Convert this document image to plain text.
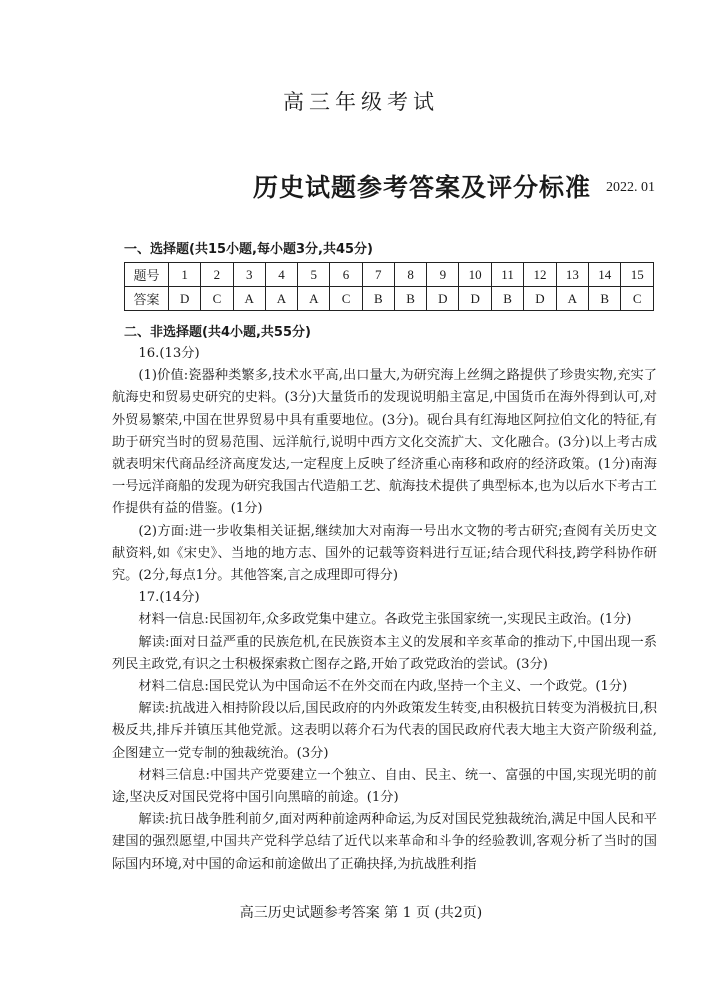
高三年级考试
历史试题参考答案及评分标准 2022. 01
一、选择题(共15小题,每小题3分,共45分)
题号	1	2	3	4	5	6	7	8	9	10	11	12	13	14	15
答案	D	C	A	A	A	C	B	B	D	D	B	D	A	B	C
二、非选择题(共4小题,共55分)

16.(13分)

(1)价值:瓷器种类繁多,技术水平高,出口量大,为研究海上丝绸之路提供了珍贵实物,充实了航海史和贸易史研究的史料。(3分)大量货币的发现说明船主富足,中国货币在海外得到认可,对外贸易繁荣,中国在世界贸易中具有重要地位。(3分)。砚台具有红海地区阿拉伯文化的特征,有助于研究当时的贸易范围、远洋航行,说明中西方文化交流扩大、文化融合。(3分)以上考古成就表明宋代商品经济高度发达,一定程度上反映了经济重心南移和政府的经济政策。(1分)南海一号远洋商船的发现为研究我国古代造船工艺、航海技术提供了典型标本,也为以后水下考古工作提供有益的借鉴。(1分)

(2)方面:进一步收集相关证据,继续加大对南海一号出水文物的考古研究;查阅有关历史文献资料,如《宋史》、当地的地方志、国外的记载等资料进行互证;结合现代科技,跨学科协作研究。(2分,每点1分。其他答案,言之成理即可得分)

17.(14分)

材料一信息:民国初年,众多政党集中建立。各政党主张国家统一,实现民主政治。(1分)

解读:面对日益严重的民族危机,在民族资本主义的发展和辛亥革命的推动下,中国出现一系列民主政党,有识之士积极探索救亡图存之路,开始了政党政治的尝试。(3分)

材料二信息:国民党认为中国命运不在外交而在内政,坚持一个主义、一个政党。(1分)

解读:抗战进入相持阶段以后,国民政府的内外政策发生转变,由积极抗日转变为消极抗日,积极反共,排斥并镇压其他党派。这表明以蒋介石为代表的国民政府代表大地主大资产阶级利益,企图建立一党专制的独裁统治。(3分)

材料三信息:中国共产党要建立一个独立、自由、民主、统一、富强的中国,实现光明的前途,坚决反对国民党将中国引向黑暗的前途。(1分)

解读:抗日战争胜利前夕,面对两种前途两种命运,为反对国民党独裁统治,满足中国人民和平建国的强烈愿望,中国共产党科学总结了近代以来革命和斗争的经验教训,客观分析了当时的国际国内环境,对中国的命运和前途做出了正确抉择,为抗战胜利指

高三历史试题参考答案 第 1 页 (共2页)
